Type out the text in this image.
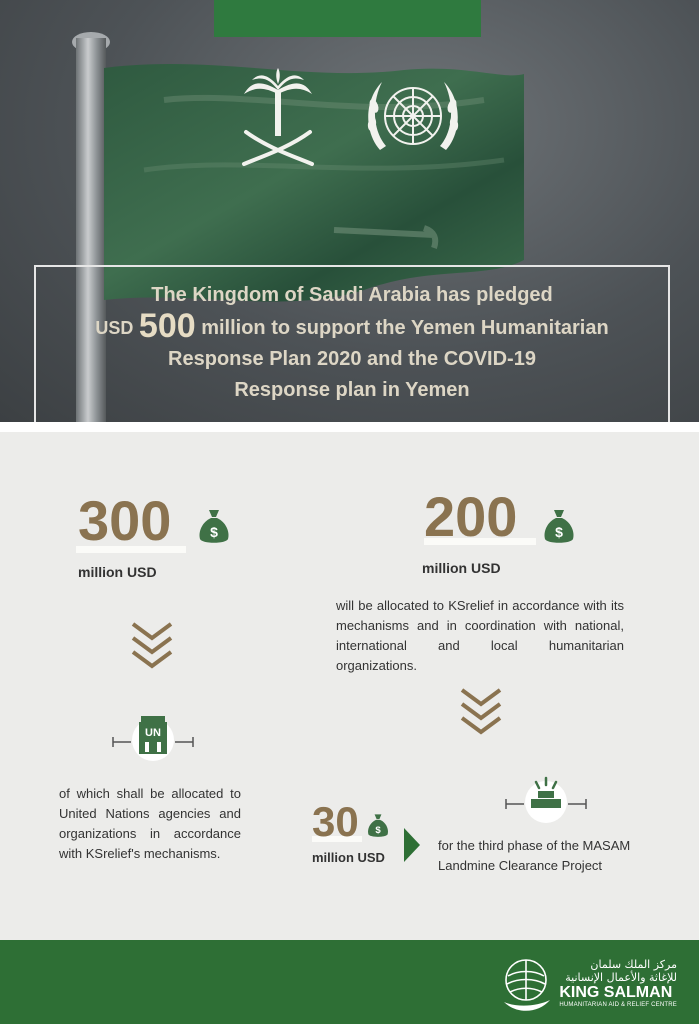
The Kingdom of Saudi Arabia has pledged
USD 500 million to support the Yemen Humanitarian
Response Plan 2020 and the COVID-19
Response plan in Yemen
300	$
million USD
UN
of which shall be allocated to United Nations agencies and organizations in accordance with KSrelief's mechanisms.
200	$
million USD
will be allocated to KSrelief in accordance with its mechanisms and in coordination with national, international and local humanitarian organizations.
30 $
million USD
for the third phase of the MASAM
Landmine Clearance Project
مركز الملك سلمان
للإغاثة والأعمال الإنسانية
KING SALMAN
HUMANITARIAN AID & RELIEF CENTRE
